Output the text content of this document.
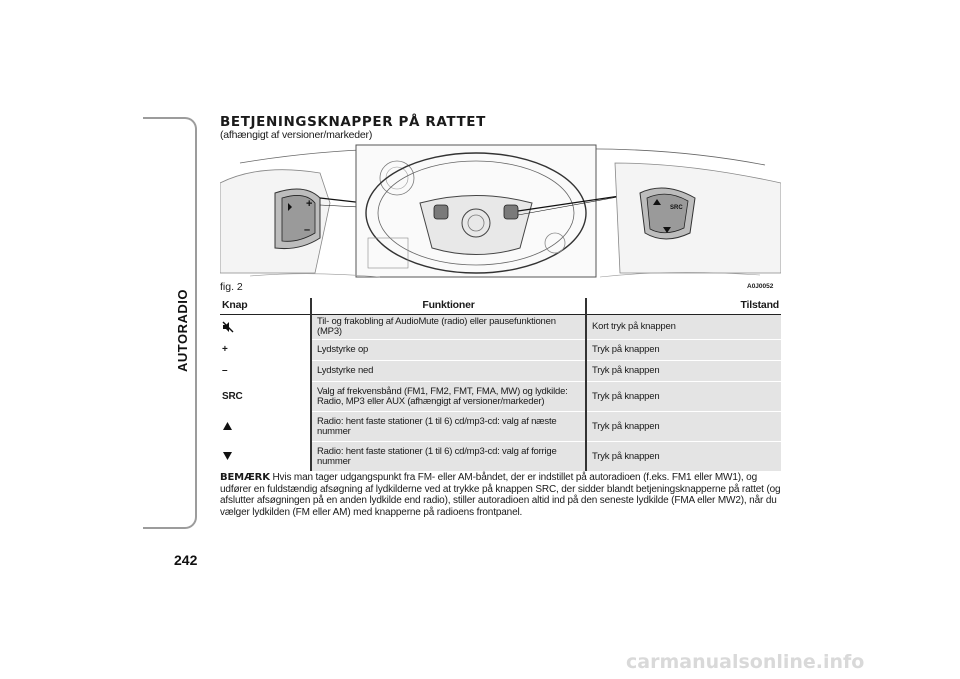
AUTORADIO
242
BETJENINGSKNAPPER PÅ RATTET
(afhængigt af versioner/markeder)
+
–
SRC
fig. 2	A0J0052
Knap	Funktioner	Tilstand
	Til- og frakobling af AudioMute (radio) eller pausefunktionen (MP3)	Kort tryk på knappen
+	Lydstyrke op	Tryk på knappen
–	Lydstyrke ned	Tryk på knappen
SRC	Valg af frekvensbånd (FM1, FM2, FMT, FMA, MW) og lydkilde: Radio, MP3 eller AUX (afhængigt af versioner/markeder)	Tryk på knappen
	Radio: hent faste stationer (1 til 6) cd/mp3-cd: valg af næste nummer	Tryk på knappen
	Radio: hent faste stationer (1 til 6) cd/mp3-cd: valg af forrige nummer	Tryk på knappen
BEMÆRK Hvis man tager udgangspunkt fra FM- eller AM-båndet, der er indstillet på autoradioen (f.eks. FM1 eller MW1), og udfører en fuldstændig afsøgning af lydkilderne ved at trykke på knappen SRC, der sidder blandt betjeningsknapperne på rattet (og afslutter afsøgningen på en anden lydkilde end radio), stiller autoradioen altid ind på den seneste lydkilde (FMA eller MW2), når du vælger lydkilden (FM eller AM) med knapperne på radioens frontpanel.
carmanualsonline.info
